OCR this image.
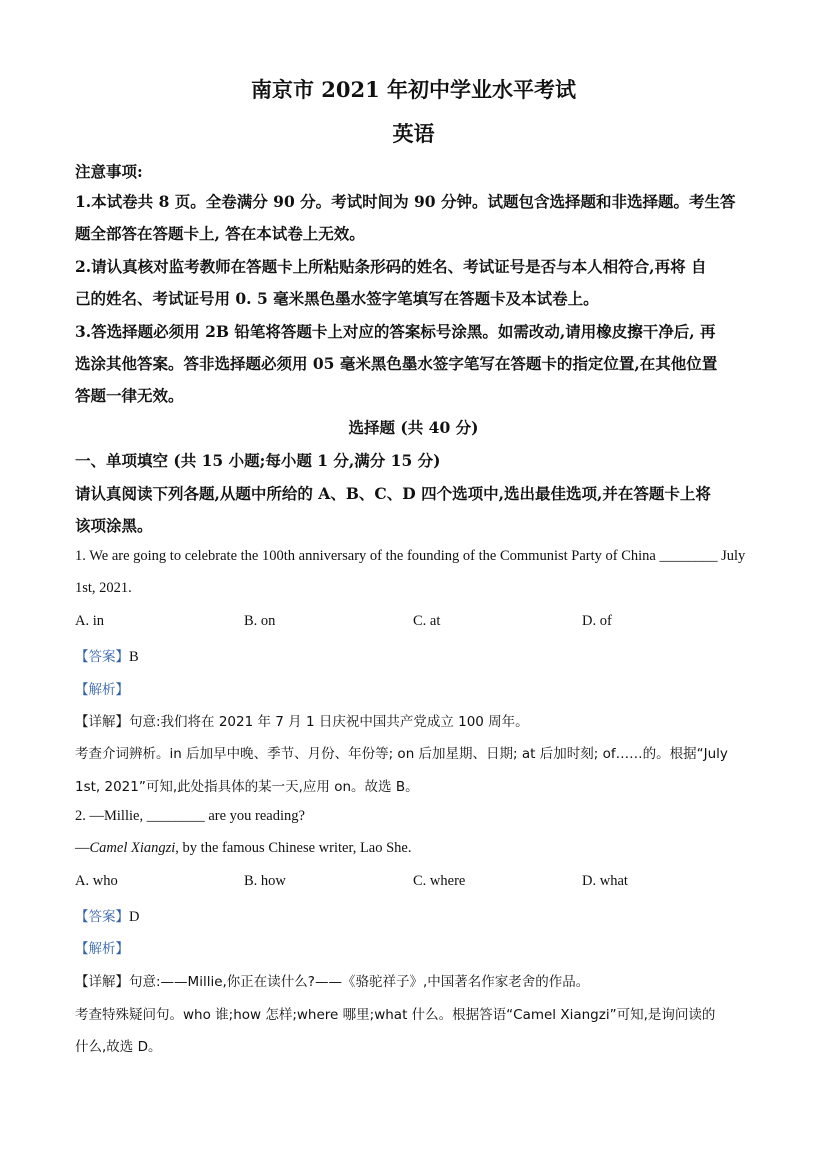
南京市 2021 年初中学业水平考试
英语
注意事项:
1.本试卷共 8 页。全卷满分 90 分。考试时间为 90 分钟。试题包含选择题和非选择题。考生答
题全部答在答题卡上, 答在本试卷上无效。
2.请认真核对监考教师在答题卡上所粘贴条形码的姓名、考试证号是否与本人相符合,再将 自
己的姓名、考试证号用 0. 5 毫米黑色墨水签字笔填写在答题卡及本试卷上。
3.答选择题必须用 2B 铅笔将答题卡上对应的答案标号涂黑。如需改动,请用橡皮擦干净后, 再
选涂其他答案。答非选择题必须用 05 毫米黑色墨水签字笔写在答题卡的指定位置,在其他位置
答题一律无效。
选择题 (共 40 分)
一、单项填空 (共 15 小题;每小题 1 分,满分 15 分)
请认真阅读下列各题,从题中所给的 A、B、C、D 四个选项中,选出最佳选项,并在答题卡上将
该项涂黑。
1. We are going to celebrate the 100th anniversary of the founding of the Communist Party of China ________ July
1st, 2021.
A. in	B. on	C. at	D. of
【答案】B
【解析】
【详解】句意:我们将在 2021 年 7 月 1 日庆祝中国共产党成立 100 周年。
考查介词辨析。in 后加早中晚、季节、月份、年份等; on 后加星期、日期; at 后加时刻; of……的。根据“July
1st, 2021”可知,此处指具体的某一天,应用 on。故选 B。
2. —Millie, ________ are you reading?
—Camel Xiangzi, by the famous Chinese writer, Lao She.
A. who	B. how	C. where	D. what
【答案】D
【解析】
【详解】句意:——Millie,你正在读什么?——《骆驼祥子》,中国著名作家老舍的作品。
考查特殊疑问句。who 谁;how 怎样;where 哪里;what 什么。根据答语“Camel Xiangzi”可知,是询问读的
什么,故选 D。
